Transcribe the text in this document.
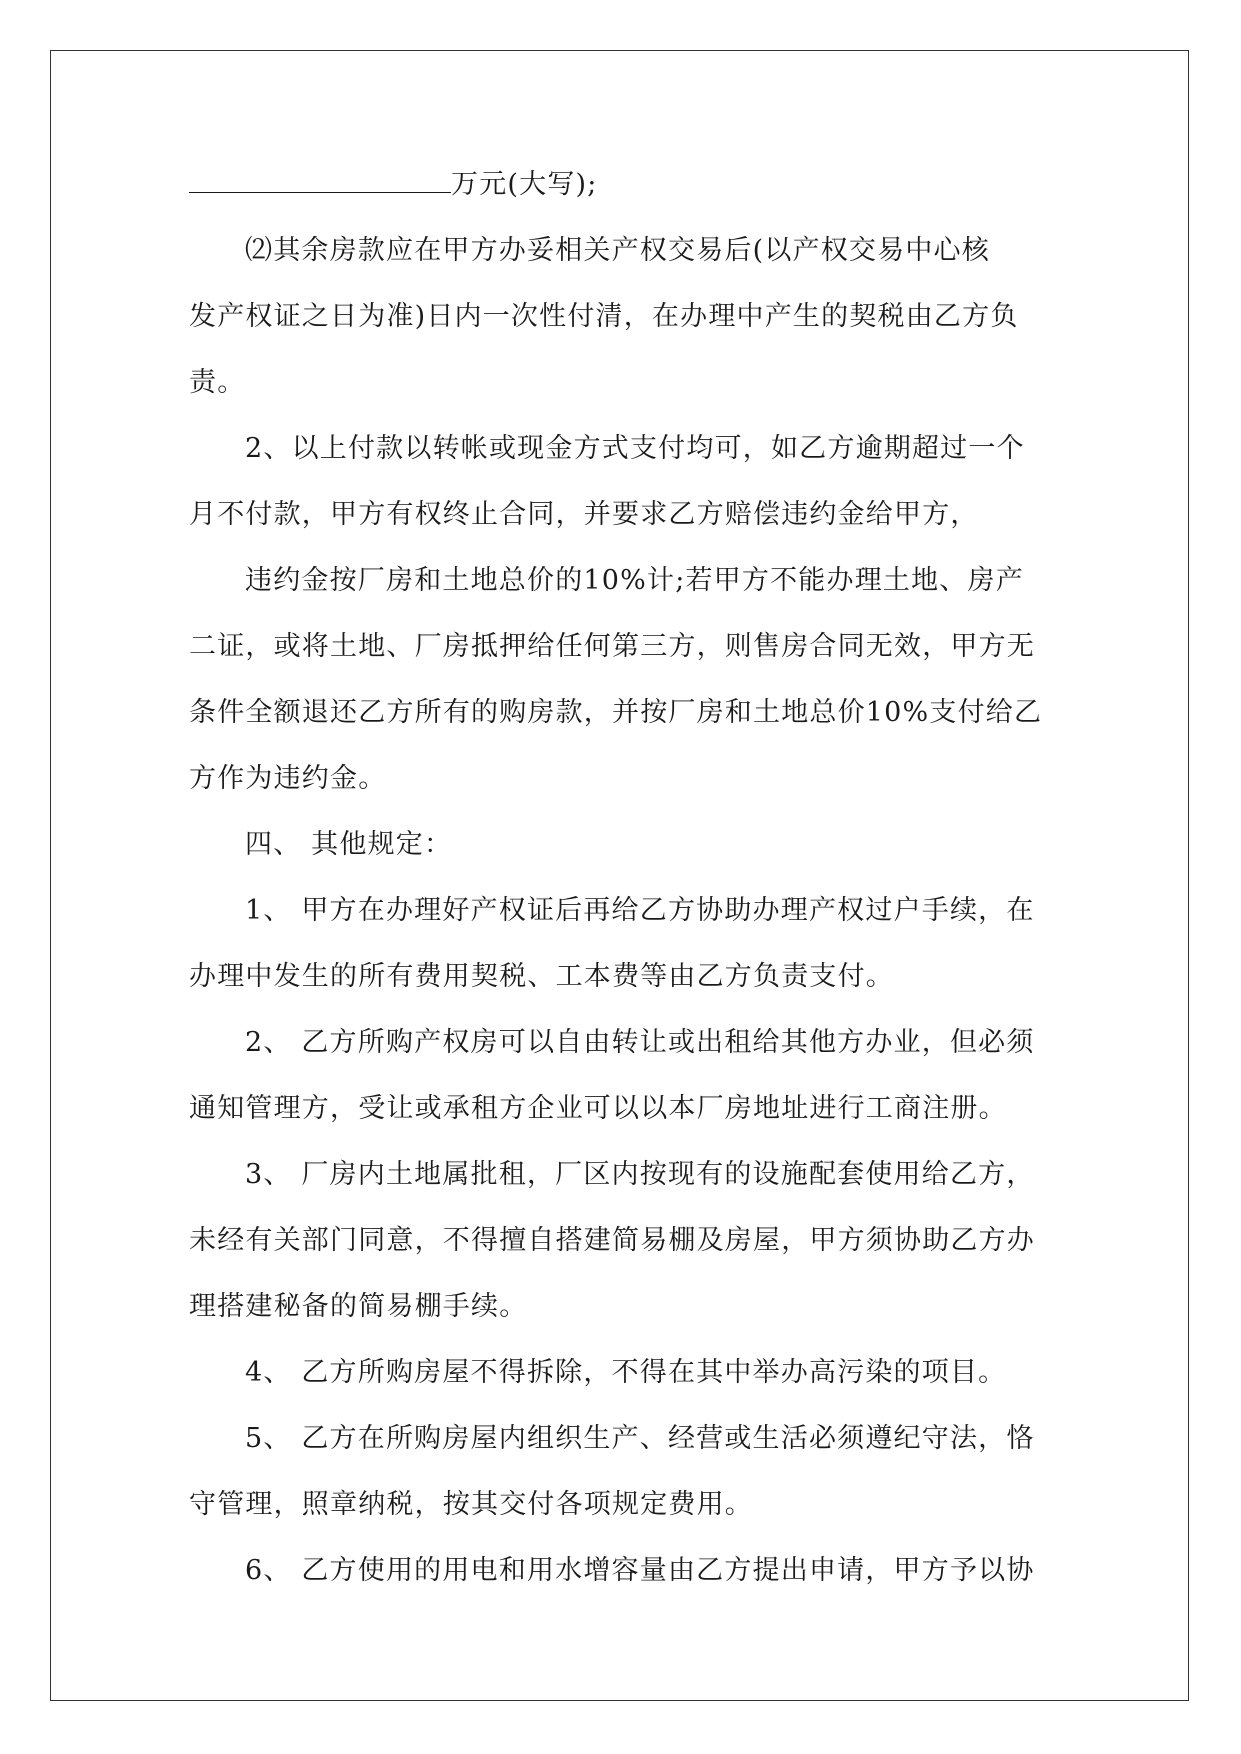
万元(大写);
⑵其余房款应在甲方办妥相关产权交易后(以产权交易中心核
发产权证之日为准)日内一次性付清，在办理中产生的契税由乙方负
责。
2、以上付款以转帐或现金方式支付均可，如乙方逾期超过一个
月不付款，甲方有权终止合同，并要求乙方赔偿违约金给甲方，
违约金按厂房和土地总价的10%计;若甲方不能办理土地、房产
二证，或将土地、厂房抵押给任何第三方，则售房合同无效，甲方无
条件全额退还乙方所有的购房款，并按厂房和土地总价10%支付给乙
方作为违约金。
四、 其他规定：
1、 甲方在办理好产权证后再给乙方协助办理产权过户手续，在
办理中发生的所有费用契税、工本费等由乙方负责支付。
2、 乙方所购产权房可以自由转让或出租给其他方办业，但必须
通知管理方，受让或承租方企业可以以本厂房地址进行工商注册。
3、 厂房内土地属批租，厂区内按现有的设施配套使用给乙方，
未经有关部门同意，不得擅自搭建简易棚及房屋，甲方须协助乙方办
理搭建秘备的简易棚手续。
4、 乙方所购房屋不得拆除，不得在其中举办高污染的项目。
5、 乙方在所购房屋内组织生产、经营或生活必须遵纪守法，恪
守管理，照章纳税，按其交付各项规定费用。
6、 乙方使用的用电和用水增容量由乙方提出申请，甲方予以协
